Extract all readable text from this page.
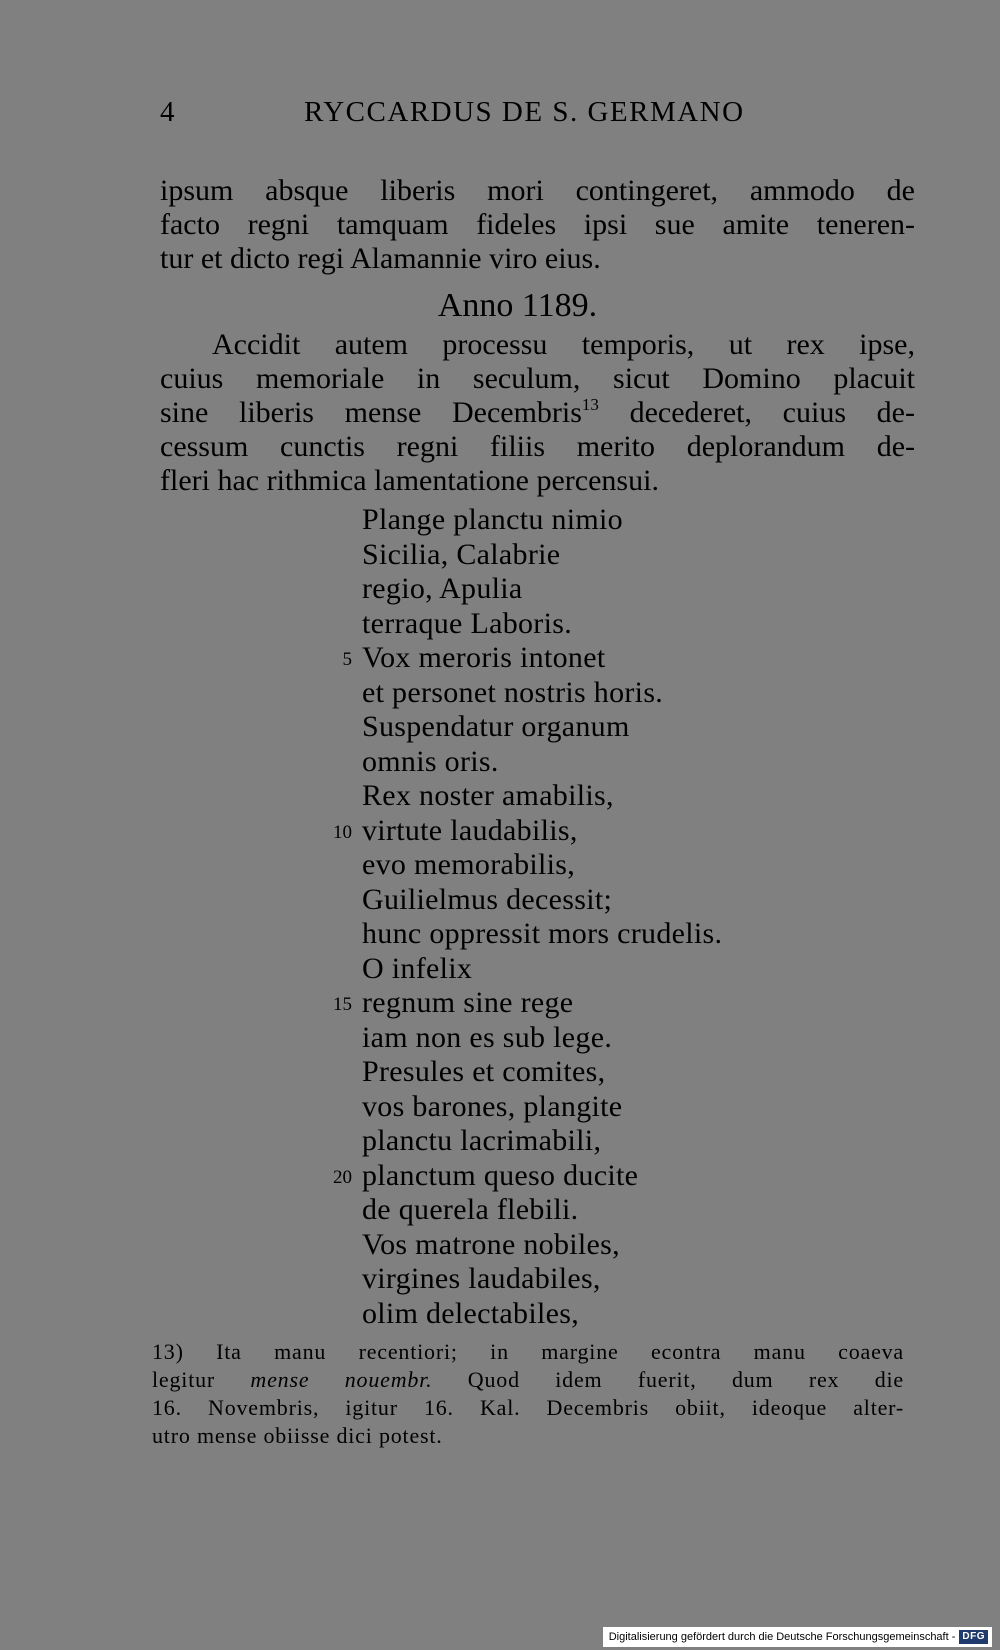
4	RYCCARDUS DE S. GERMANO
ipsum absque liberis mori contingeret, ammodo de
facto regni tamquam fideles ipsi sue amite teneren-
tur et dicto regi Alamannie viro eius.
Anno 1189.
Accidit autem processu temporis, ut rex ipse,
cuius memoriale in seculum, sicut Domino placuit
sine liberis mense Decembris$^{13}$ decederet, cuius de-
cessum cunctis regni filiis merito deplorandum de-
fleri hac rithmica lamentatione percensui.
Plange planctu nimio
Sicilia, Calabrie
regio, Apulia
terraque Laboris.
Vox meroris intonet
5
et personet nostris horis.
Suspendatur organum
omnis oris.
Rex noster amabilis,
virtute laudabilis,
10
evo memorabilis,
Guilielmus decessit;
hunc oppressit mors crudelis.
O infelix
regnum sine rege
15
iam non es sub lege.
Presules et comites,
vos barones, plangite
planctu lacrimabili,
planctum queso ducite
20
de querela flebili.
Vos matrone nobiles,
virgines laudabiles,
olim delectabiles,
13) Ita manu recentiori; in margine econtra manu coaeva
legitur mense nouembr. Quod idem fuerit, dum rex die
16. Novembris, igitur 16. Kal. Decembris obiit, ideoque alter-
utro mense obiisse dici potest.
Digitalisierung gefördert durch die Deutsche Forschungsgemeinschaft - DFG
